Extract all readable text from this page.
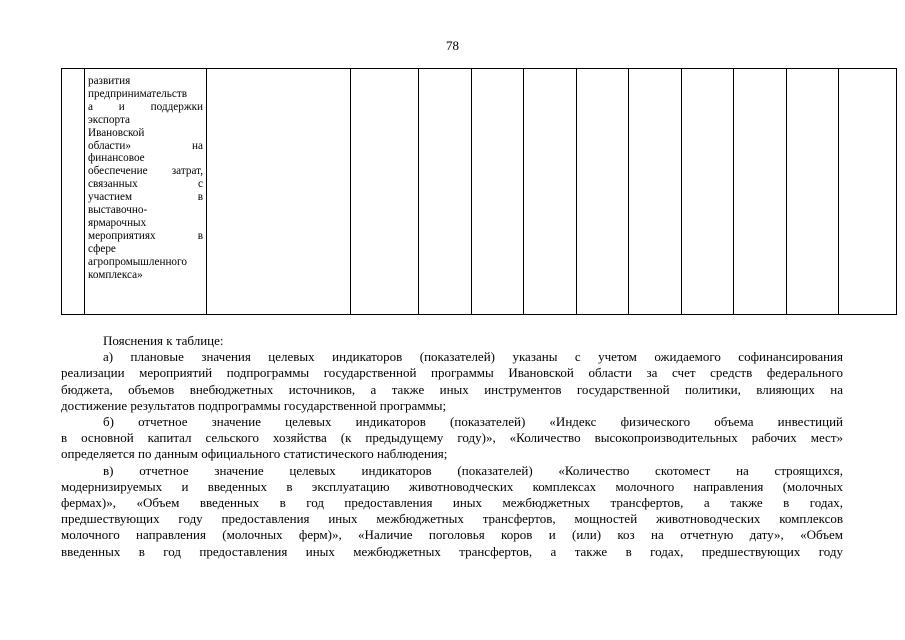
78

развития
предпринимательств
а и поддержки
экспорта
Ивановской
области» на
финансовое
обеспечение затрат,
связанных с
участием в
выставочно-
ярмарочных
мероприятиях в
сфере
агропромышленного
комплекса»

Пояснения к таблице:

а) плановые значения целевых индикаторов (показателей) указаны с учетом ожидаемого софинансирования

реализации мероприятий подпрограммы государственной программы Ивановской области за счет средств федерального

бюджета, объемов внебюджетных источников, а также иных инструментов государственной политики, влияющих на

достижение результатов подпрограммы государственной программы;

б) отчетное значение целевых индикаторов (показателей) «Индекс физического объема инвестиций

в основной капитал сельского хозяйства (к предыдущему году)», «Количество высокопроизводительных рабочих мест»

определяется по данным официального статистического наблюдения;

в) отчетное значение целевых индикаторов (показателей) «Количество скотомест на строящихся,

модернизируемых и введенных в эксплуатацию животноводческих комплексах молочного направления (молочных

фермах)», «Объем введенных в год предоставления иных межбюджетных трансфертов, а также в годах,

предшествующих году предоставления иных межбюджетных трансфертов, мощностей животноводческих комплексов

молочного направления (молочных ферм)», «Наличие поголовья коров и (или) коз на отчетную дату», «Объем

введенных в год предоставления иных межбюджетных трансфертов, а также в годах, предшествующих году
